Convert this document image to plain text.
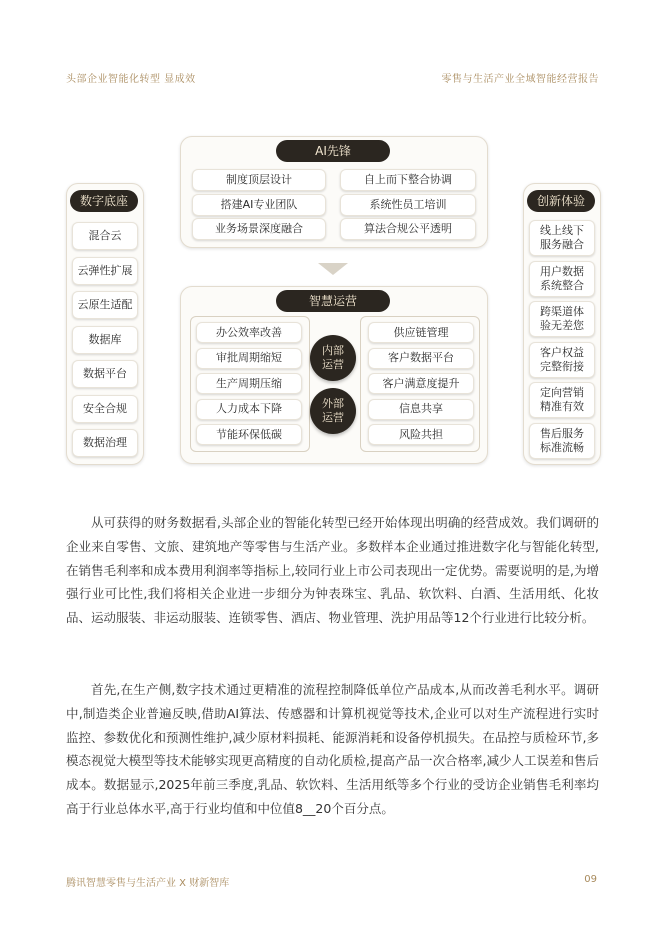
头部企业智能化转型 显成效	零售与生活产业全域智能经营报告
AI先锋
制度顶层设计	自上而下整合协调
搭建AI专业团队	系统性员工培训
业务场景深度融合	算法合规公平透明
数字底座
混合云
云弹性扩展
云原生适配
数据库
数据平台
安全合规
数据治理
智慧运营
办公效率改善
审批周期缩短
生产周期压缩
人力成本下降
节能环保低碳
供应链管理
客户数据平台
客户满意度提升
信息共享
风险共担
内部
运营
外部
运营
创新体验
线上线下
服务融合
用户数据
系统整合
跨渠道体
验无差您
客户权益
完整衔接
定向营销
精准有效
售后服务
标准流畅

从可获得的财务数据看,头部企业的智能化转型已经开始体现出明确的经营成效。我们调研的企业来自零售、文旅、建筑地产等零售与生活产业。多数样本企业通过推进数字化与智能化转型,在销售毛利率和成本费用利润率等指标上,较同行业上市公司表现出一定优势。需要说明的是,为增强行业可比性,我们将相关企业进一步细分为钟表珠宝、乳品、软饮料、白酒、生活用纸、化妆品、运动服装、非运动服装、连锁零售、酒店、物业管理、洗护用品等12个行业进行比较分析。

首先,在生产侧,数字技术通过更精准的流程控制降低单位产品成本,从而改善毛利水平。调研中,制造类企业普遍反映,借助AI算法、传感器和计算机视觉等技术,企业可以对生产流程进行实时监控、参数优化和预测性维护,减少原材料损耗、能源消耗和设备停机损失。在品控与质检环节,多模态视觉大模型等技术能够实现更高精度的自动化质检,提高产品一次合格率,减少人工误差和售后成本。数据显示,2025年前三季度,乳品、软饮料、生活用纸等多个行业的受访企业销售毛利率均高于行业总体水平,高于行业均值和中位值8__20个百分点。

腾讯智慧零售与生活产业 X 财新智库	09
